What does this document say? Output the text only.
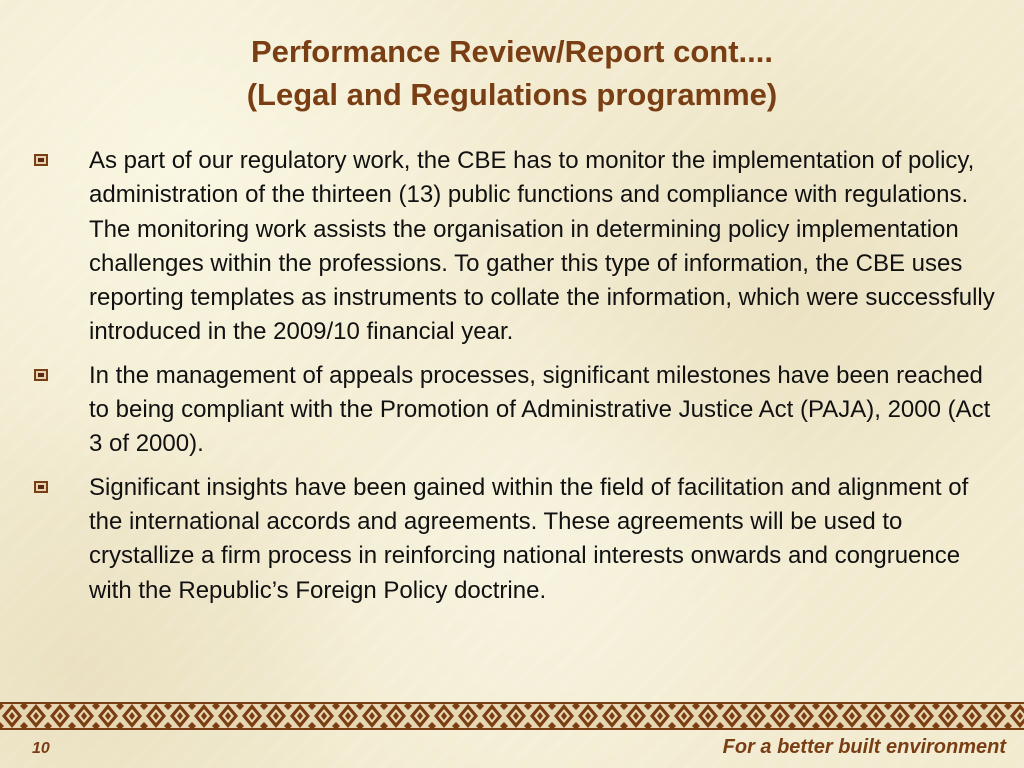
Performance Review/Report cont....
(Legal and Regulations programme)
As part of our regulatory work, the CBE has to monitor the implementation of policy, administration of the thirteen (13) public functions and compliance with regulations. The monitoring work assists the organisation in determining policy implementation challenges within the professions. To gather this type of information, the CBE uses reporting templates as instruments to collate the information, which were successfully introduced in the 2009/10 financial year.
In the management of appeals processes, significant milestones have been reached to being compliant with the Promotion of Administrative Justice Act (PAJA), 2000 (Act 3 of 2000).
Significant insights have been gained within the field of facilitation and alignment of the international accords and agreements. These agreements will be used to crystallize a firm process in reinforcing national interests onwards and congruence with the Republic’s Foreign Policy doctrine.
10	For a better built environment
